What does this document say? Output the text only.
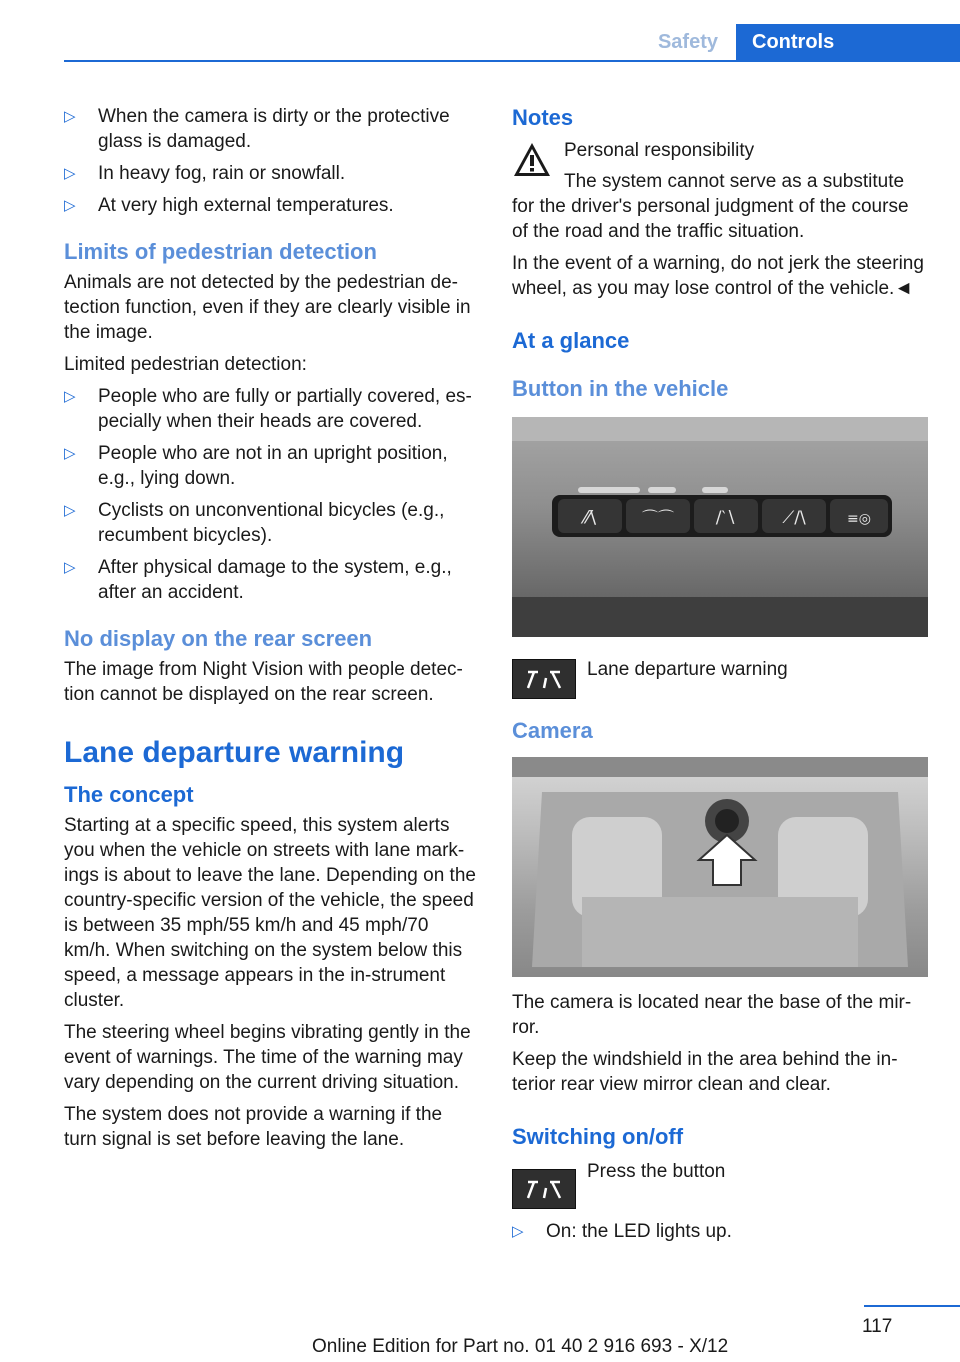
Safety	Controls
▷ When the camera is dirty or the protective glass is damaged.
▷ In heavy fog, rain or snowfall.
▷ At very high external temperatures.
Limits of pedestrian detection

Animals are not detected by the pedestrian de-tection function, even if they are clearly visible in the image.

Limited pedestrian detection:

▷ People who are fully or partially covered, es-pecially when their heads are covered.
▷ People who are not in an upright position, e.g., lying down.
▷ Cyclists on unconventional bicycles (e.g., recumbent bicycles).
▷ After physical damage to the system, e.g., after an accident.
No display on the rear screen

The image from Night Vision with people detec-tion cannot be displayed on the rear screen.

Lane departure warning
The concept

Starting at a specific speed, this system alerts you when the vehicle on streets with lane mark-ings is about to leave the lane. Depending on the country-specific version of the vehicle, the speed is between 35 mph/55 km/h and 45 mph/70 km/h. When switching on the system below this speed, a message appears in the in-strument cluster.

The steering wheel begins vibrating gently in the event of warnings. The time of the warning may vary depending on the current driving situation.

The system does not provide a warning if the turn signal is set before leaving the lane.

Notes
Personal responsibility

The system cannot serve as a substitute for the driver's personal judgment of the course of the road and the traffic situation.

In the event of a warning, do not jerk the steering wheel, as you may lose control of the vehicle.◄

At a glance
Button in the vehicle
⁄⁄\	⌒⌒ /‵∖	⟋/\	≡◎
Lane departure warning
Camera

The camera is located near the base of the mir-ror.

Keep the windshield in the area behind the in-terior rear view mirror clean and clear.

Switching on/off
Press the button
▷ On: the LED lights up.
117
Online Edition for Part no. 01 40 2 916 693 - X/12
